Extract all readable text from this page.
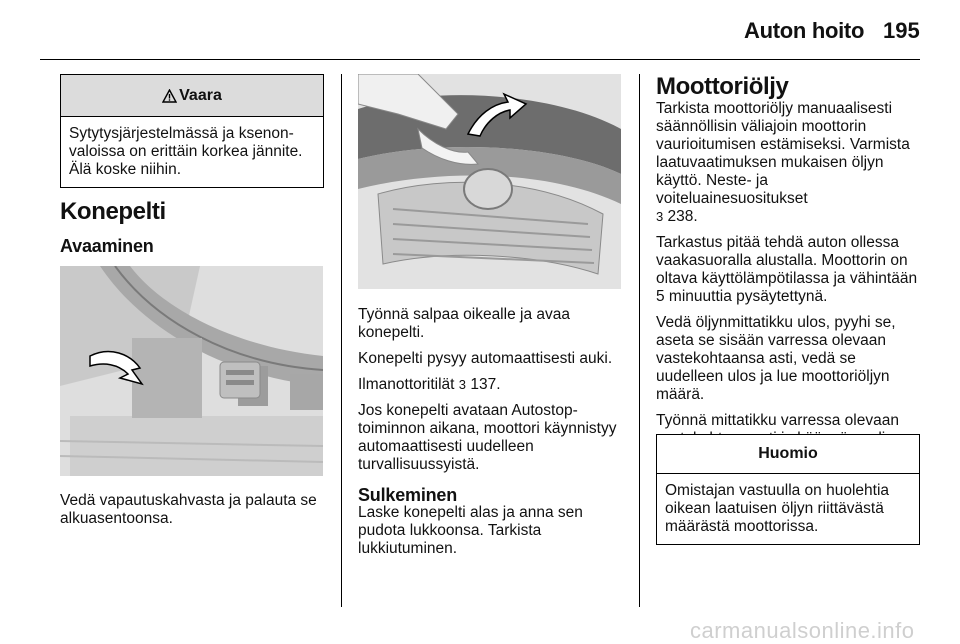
Auton hoito 195
Vaara
Sytytysjärjestelmässä ja ksenon-valoissa on erittäin korkea jännite. Älä koske niihin.
Konepelti
Avaaminen

Vedä vapautuskahvasta ja palauta se alkuasentoonsa.

Työnnä salpaa oikealle ja avaa konepelti.

Konepelti pysyy automaattisesti auki.

Ilmanottoritilät 3 137.

Jos konepelti avataan Autostop-toiminnon aikana, moottori käynnistyy automaattisesti uudelleen turvallisuussyistä.

Sulkeminen

Laske konepelti alas ja anna sen pudota lukkoonsa. Tarkista lukkiutuminen.

Moottoriöljy

Tarkista moottoriöljy manuaalisesti säännöllisin väliajoin moottorin vaurioitumisen estämiseksi. Varmista laatuvaatimuksen mukaisen öljyn käyttö. Neste- ja voiteluainesuositukset
3 238.

Tarkastus pitää tehdä auton ollessa vaakasuoralla alustalla. Moottorin on oltava käyttölämpötilassa ja vähintään 5 minuuttia pysäytettynä.

Vedä öljynmittatikku ulos, pyyhi se, aseta se sisään varressa olevaan vastekohtaansa asti, vedä se uudelleen ulos ja lue moottoriöljyn määrä.

Työnnä mittatikku varressa olevaan

Huomio
Omistajan vastuulla on huolehtia oikean laatuisen öljyn riittävästä määrästä moottorissa.
carmanualsonline.info
